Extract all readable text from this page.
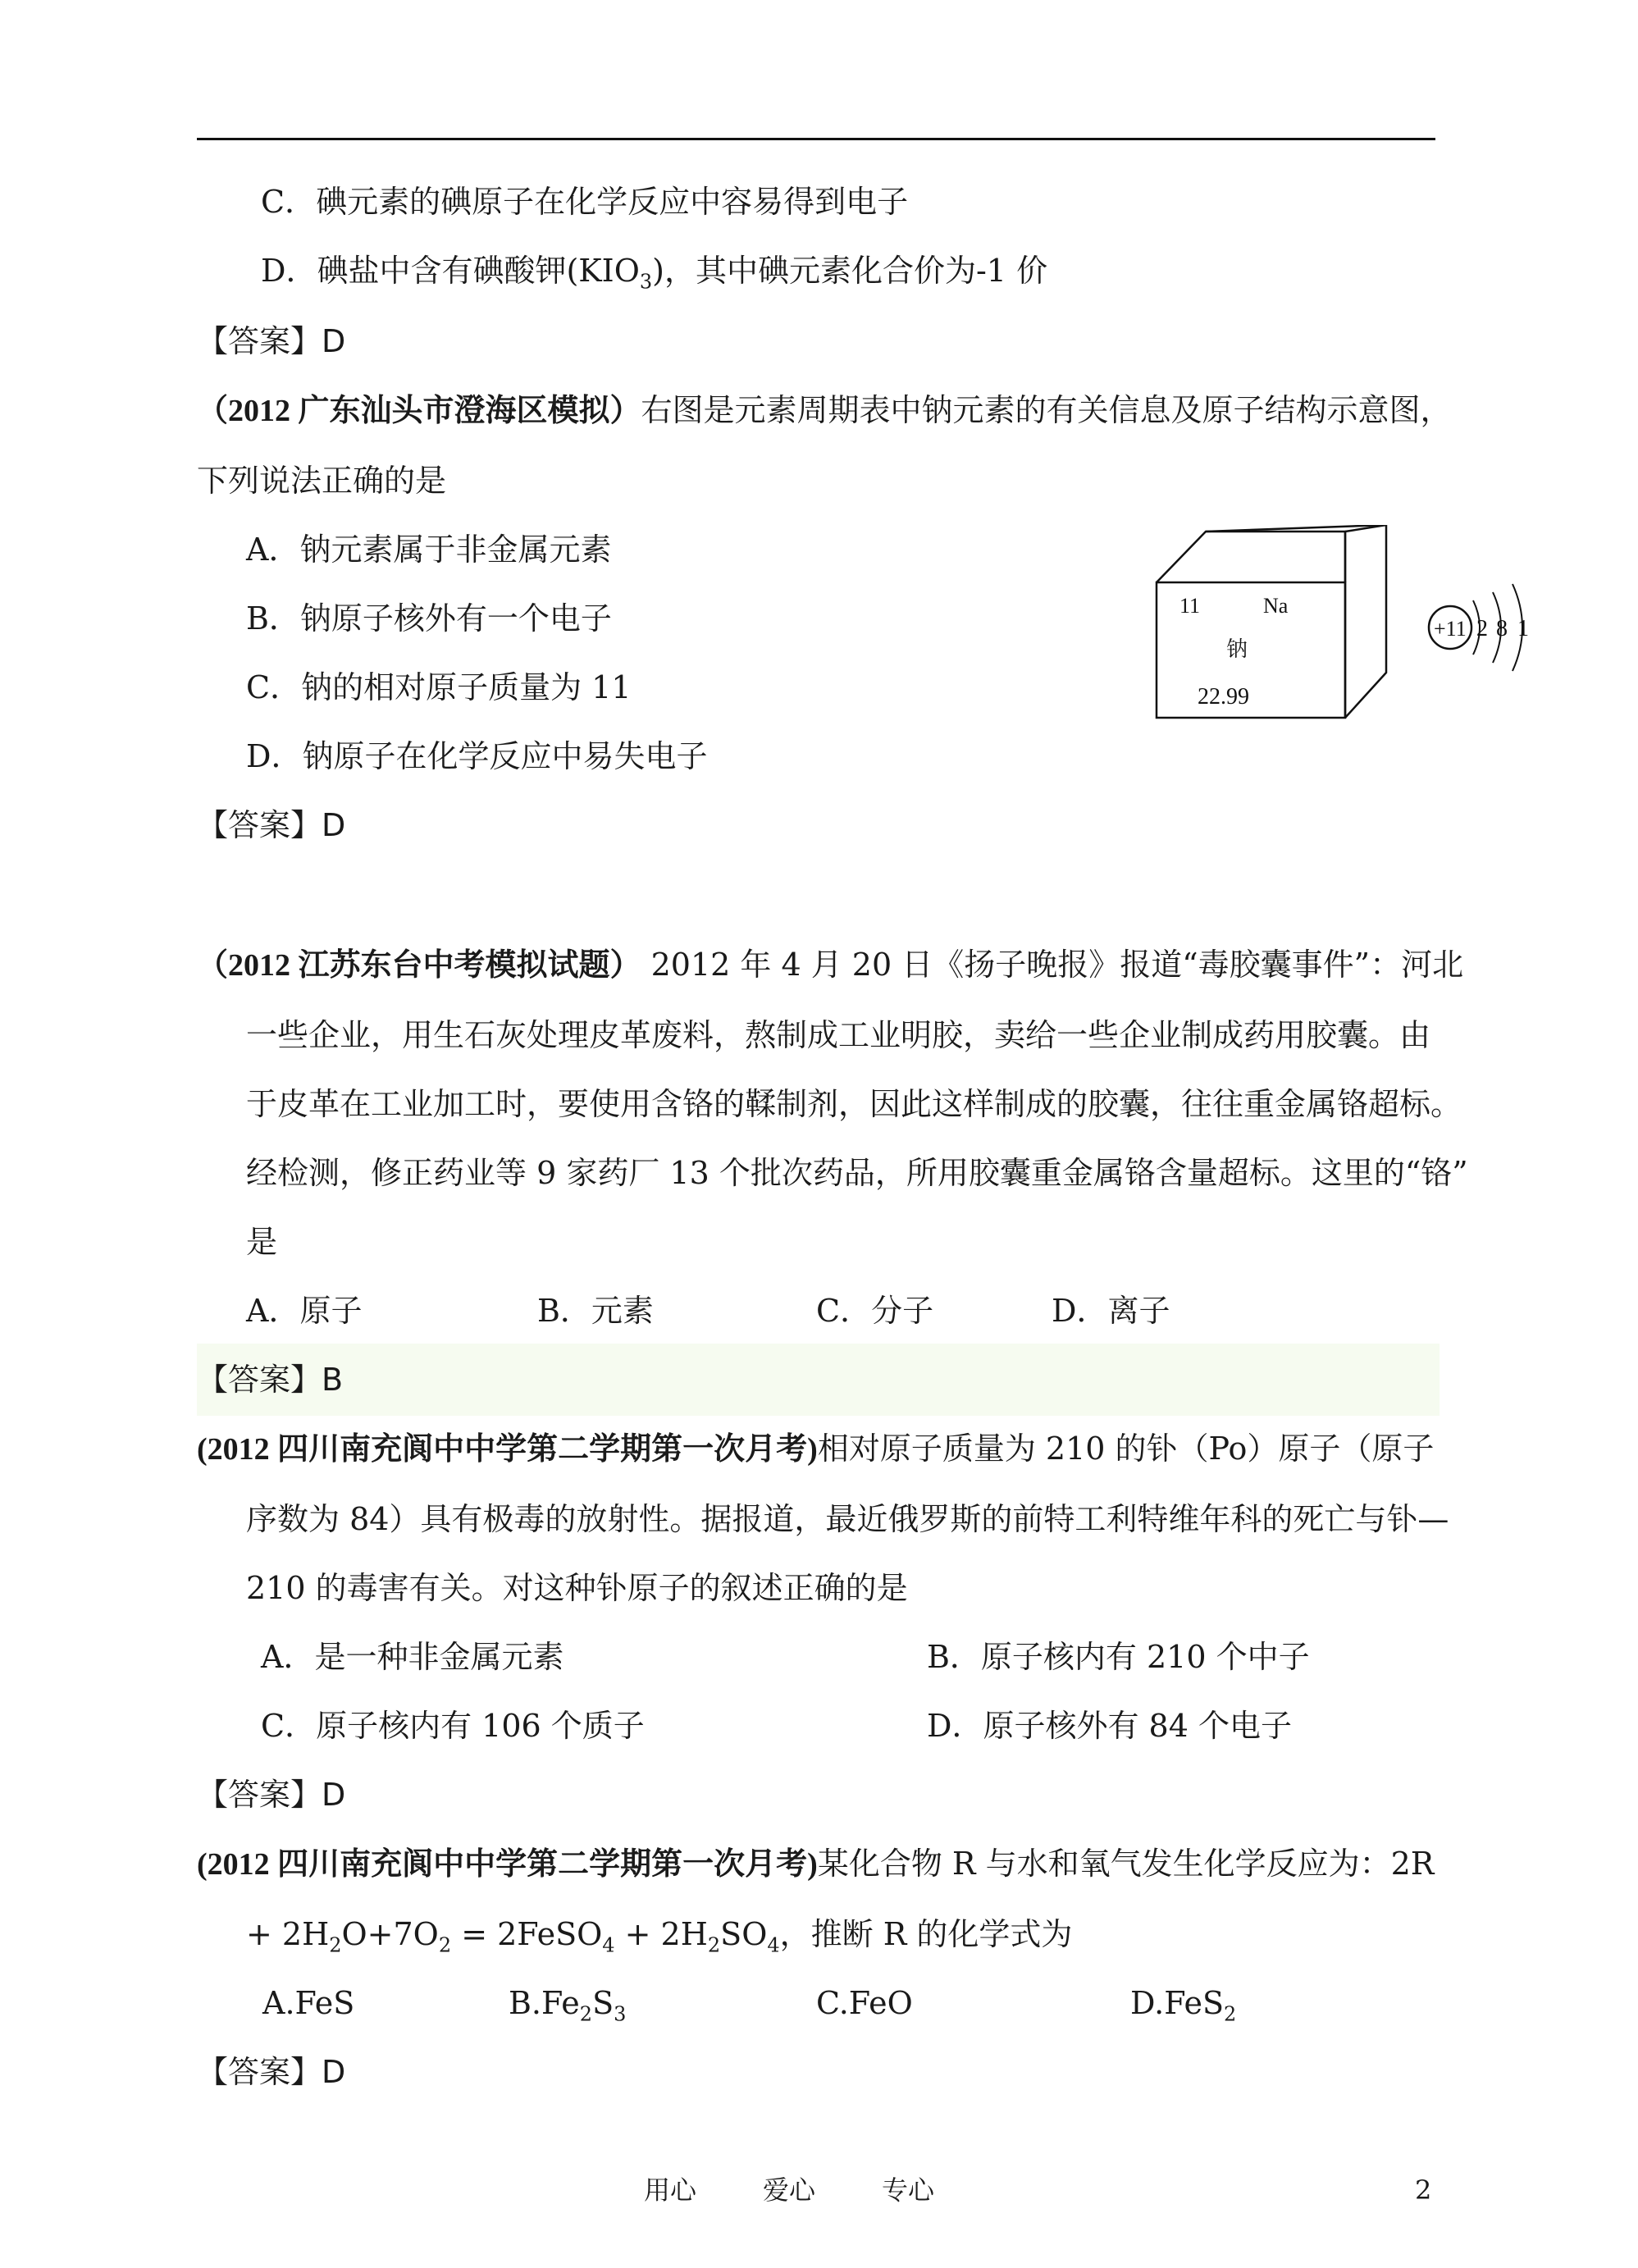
C．碘元素的碘原子在化学反应中容易得到电子
D．碘盐中含有碘酸钾$(KIO_3)$，其中碘元素化合价为-1 价
【答案】D
（2012 广东汕头市澄海区模拟）右图是元素周期表中钠元素的有关信息及原子结构示意图，
下列说法正确的是
A．钠元素属于非金属元素
B．钠原子核外有一个电子
C．钠的相对原子质量为 11
D．钠原子在化学反应中易失电子
【答案】D
11	Na
钠
22.99
+11 2 8 1
（2012 江苏东台中考模拟试题） 2012 年 4 月 20 日《扬子晚报》报道“毒胶囊事件”：河北
一些企业，用生石灰处理皮革废料，熬制成工业明胶，卖给一些企业制成药用胶囊。由
于皮革在工业加工时，要使用含铬的鞣制剂，因此这样制成的胶囊，往往重金属铬超标。
经检测，修正药业等 9 家药厂 13 个批次药品，所用胶囊重金属铬含量超标。这里的“铬”
是
A．原子	B．元素	C．分子	D．离子
【答案】B
(2012 四川南充阆中中学第二学期第一次月考)相对原子质量为 210 的钋（Po）原子（原子
序数为 84）具有极毒的放射性。据报道，最近俄罗斯的前特工利特维年科的死亡与钋—
210 的毒害有关。对这种钋原子的叙述正确的是
A．是一种非金属元素	B．原子核内有 210 个中子
C．原子核内有 106 个质子	D．原子核外有 84 个电子
【答案】D
(2012 四川南充阆中中学第二学期第一次月考)某化合物 R 与水和氧气发生化学反应为：2R
+ $2H_2O+7O_2$ = 2FeSO$_4$ + $2H_2SO_4$，推断 R 的化学式为
A.FeS	$B.Fe_2S_3$	C.FeO	D.FeS$_2$
【答案】D
用心	爱心	专心	2
